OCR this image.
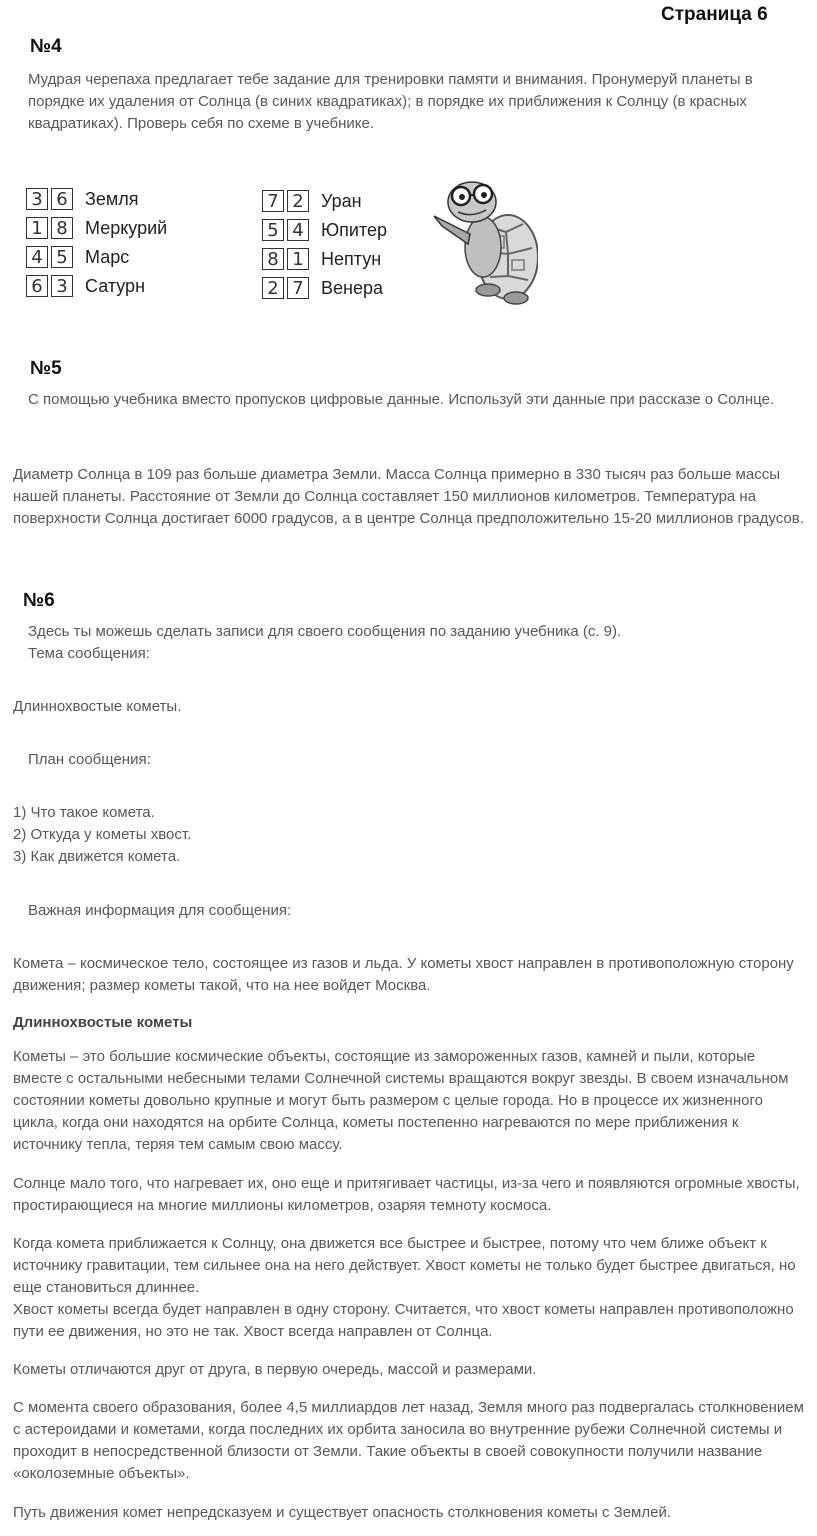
Страница 6
№4

Мудрая черепаха предлагает тебе задание для тренировки памяти и внимания. Пронумеруй планеты в порядке их удаления от Солнца (в синих квадратиках); в порядке их приближения к Солнцу (в красных квадратиках). Проверь себя по схеме в учебнике.

3 6 Земля
1 8 Меркурий
4 5 Марс
6 3 Сатурн
7 2 Уран
5 4 Юпитер
8 1 Нептун
2 7 Венера
№5

С помощью учебника вместо пропусков цифровые данные. Используй эти данные при рассказе о Солнце.

Диаметр Солнца в 109 раз больше диаметра Земли. Масса Солнца примерно в 330 тысяч раз больше массы нашей планеты. Расстояние от Земли до Солнца составляет 150 миллионов километров. Температура на поверхности Солнца достигает 6000 градусов, а в центре Солнца предположительно 15-20 миллионов градусов.

№6

Здесь ты можешь сделать записи для своего сообщения по заданию учебника (с. 9).

Тема сообщения:

Длиннохвостые кометы.

План сообщения:

1) Что такое комета.

2) Откуда у кометы хвост.

3) Как движется комета.

Важная информация для сообщения:

Комета – космическое тело, состоящее из газов и льда. У кометы хвост направлен в противоположную сторону движения; размер кометы такой, что на нее войдет Москва.

Длиннохвостые кометы

Кометы – это большие космические объекты, состоящие из замороженных газов, камней и пыли, которые вместе с остальными небесными телами Солнечной системы вращаются вокруг звезды. В своем изначальном состоянии кометы довольно крупные и могут быть размером с целые города. Но в процессе их жизненного цикла, когда они находятся на орбите Солнца, кометы постепенно нагреваются по мере приближения к источнику тепла, теряя тем самым свою массу.

Солнце мало того, что нагревает их, оно еще и притягивает частицы, из-за чего и появляются огромные хвосты, простирающиеся на многие миллионы километров, озаряя темноту космоса.

Когда комета приближается к Солнцу, она движется все быстрее и быстрее, потому что чем ближе объект к источнику гравитации, тем сильнее она на него действует. Хвост кометы не только будет быстрее двигаться, но еще становиться длиннее.

Хвост кометы всегда будет направлен в одну сторону. Считается, что хвост кометы направлен противоположно пути ее движения, но это не так. Хвост всегда направлен от Солнца.

Кометы отличаются друг от друга, в первую очередь, массой и размерами.

С момента своего образования, более 4,5 миллиардов лет назад, Земля много раз подвергалась столкновением с астероидами и кометами, когда последних их орбита заносила во внутренние рубежи Солнечной системы и проходит в непосредственной близости от Земли. Такие объекты в своей совокупности получили название «околоземные объекты».

Путь движения комет непредсказуем и существует опасность столкновения кометы с Землей.
